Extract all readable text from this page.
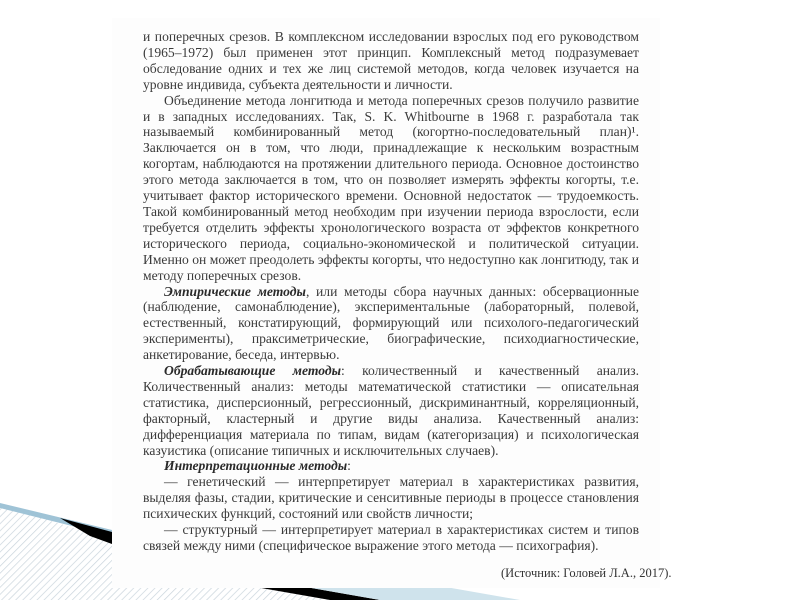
и поперечных срезов. В комплексном исследовании взрослых под его руководством (1965–1972) был применен этот принцип. Комплексный метод подразумевает обследование одних и тех же лиц системой методов, когда человек изучается на уровне индивида, субъекта деятельности и личности.

Объединение метода лонгитюда и метода поперечных срезов получило развитие и в западных исследованиях. Так, S. K. Whitbourne в 1968 г. разработала так называемый комбинированный метод (когортно-последовательный план)¹. Заключается он в том, что люди, принадлежащие к нескольким возрастным когортам, наблюдаются на протяжении длительного периода. Основное достоинство этого метода заключается в том, что он позволяет измерять эффекты когорты, т.е. учитывает фактор исторического времени. Основной недостаток — трудоемкость. Такой комбинированный метод необходим при изучении периода взрослости, если требуется отделить эффекты хронологического возраста от эффектов конкретного исторического периода, социально-экономической и политической ситуации. Именно он может преодолеть эффекты когорты, что недоступно как лонгитюду, так и методу поперечных срезов.

Эмпирические методы, или методы сбора научных данных: обсервационные (наблюдение, самонаблюдение), экспериментальные (лабораторный, полевой, естественный, констатирующий, формирующий или психолого-педагогический эксперименты), праксиметрические, биографические, психодиагностические, анкетирование, беседа, интервью.

Обрабатывающие методы: количественный и качественный анализ. Количественный анализ: методы математической статистики — описательная статистика, дисперсионный, регрессионный, дискриминантный, корреляционный, факторный, кластерный и другие виды анализа. Качественный анализ: дифференциация материала по типам, видам (категоризация) и психологическая казуистика (описание типичных и исключительных случаев).

Интерпретационные методы:

— генетический — интерпретирует материал в характеристиках развития, выделяя фазы, стадии, критические и сенситивные периоды в процессе становления психических функций, состояний или свойств личности;

— структурный — интерпретирует материал в характеристиках систем и типов связей между ними (специфическое выражение этого метода — психография).

(Источник: Головей Л.А., 2017).
